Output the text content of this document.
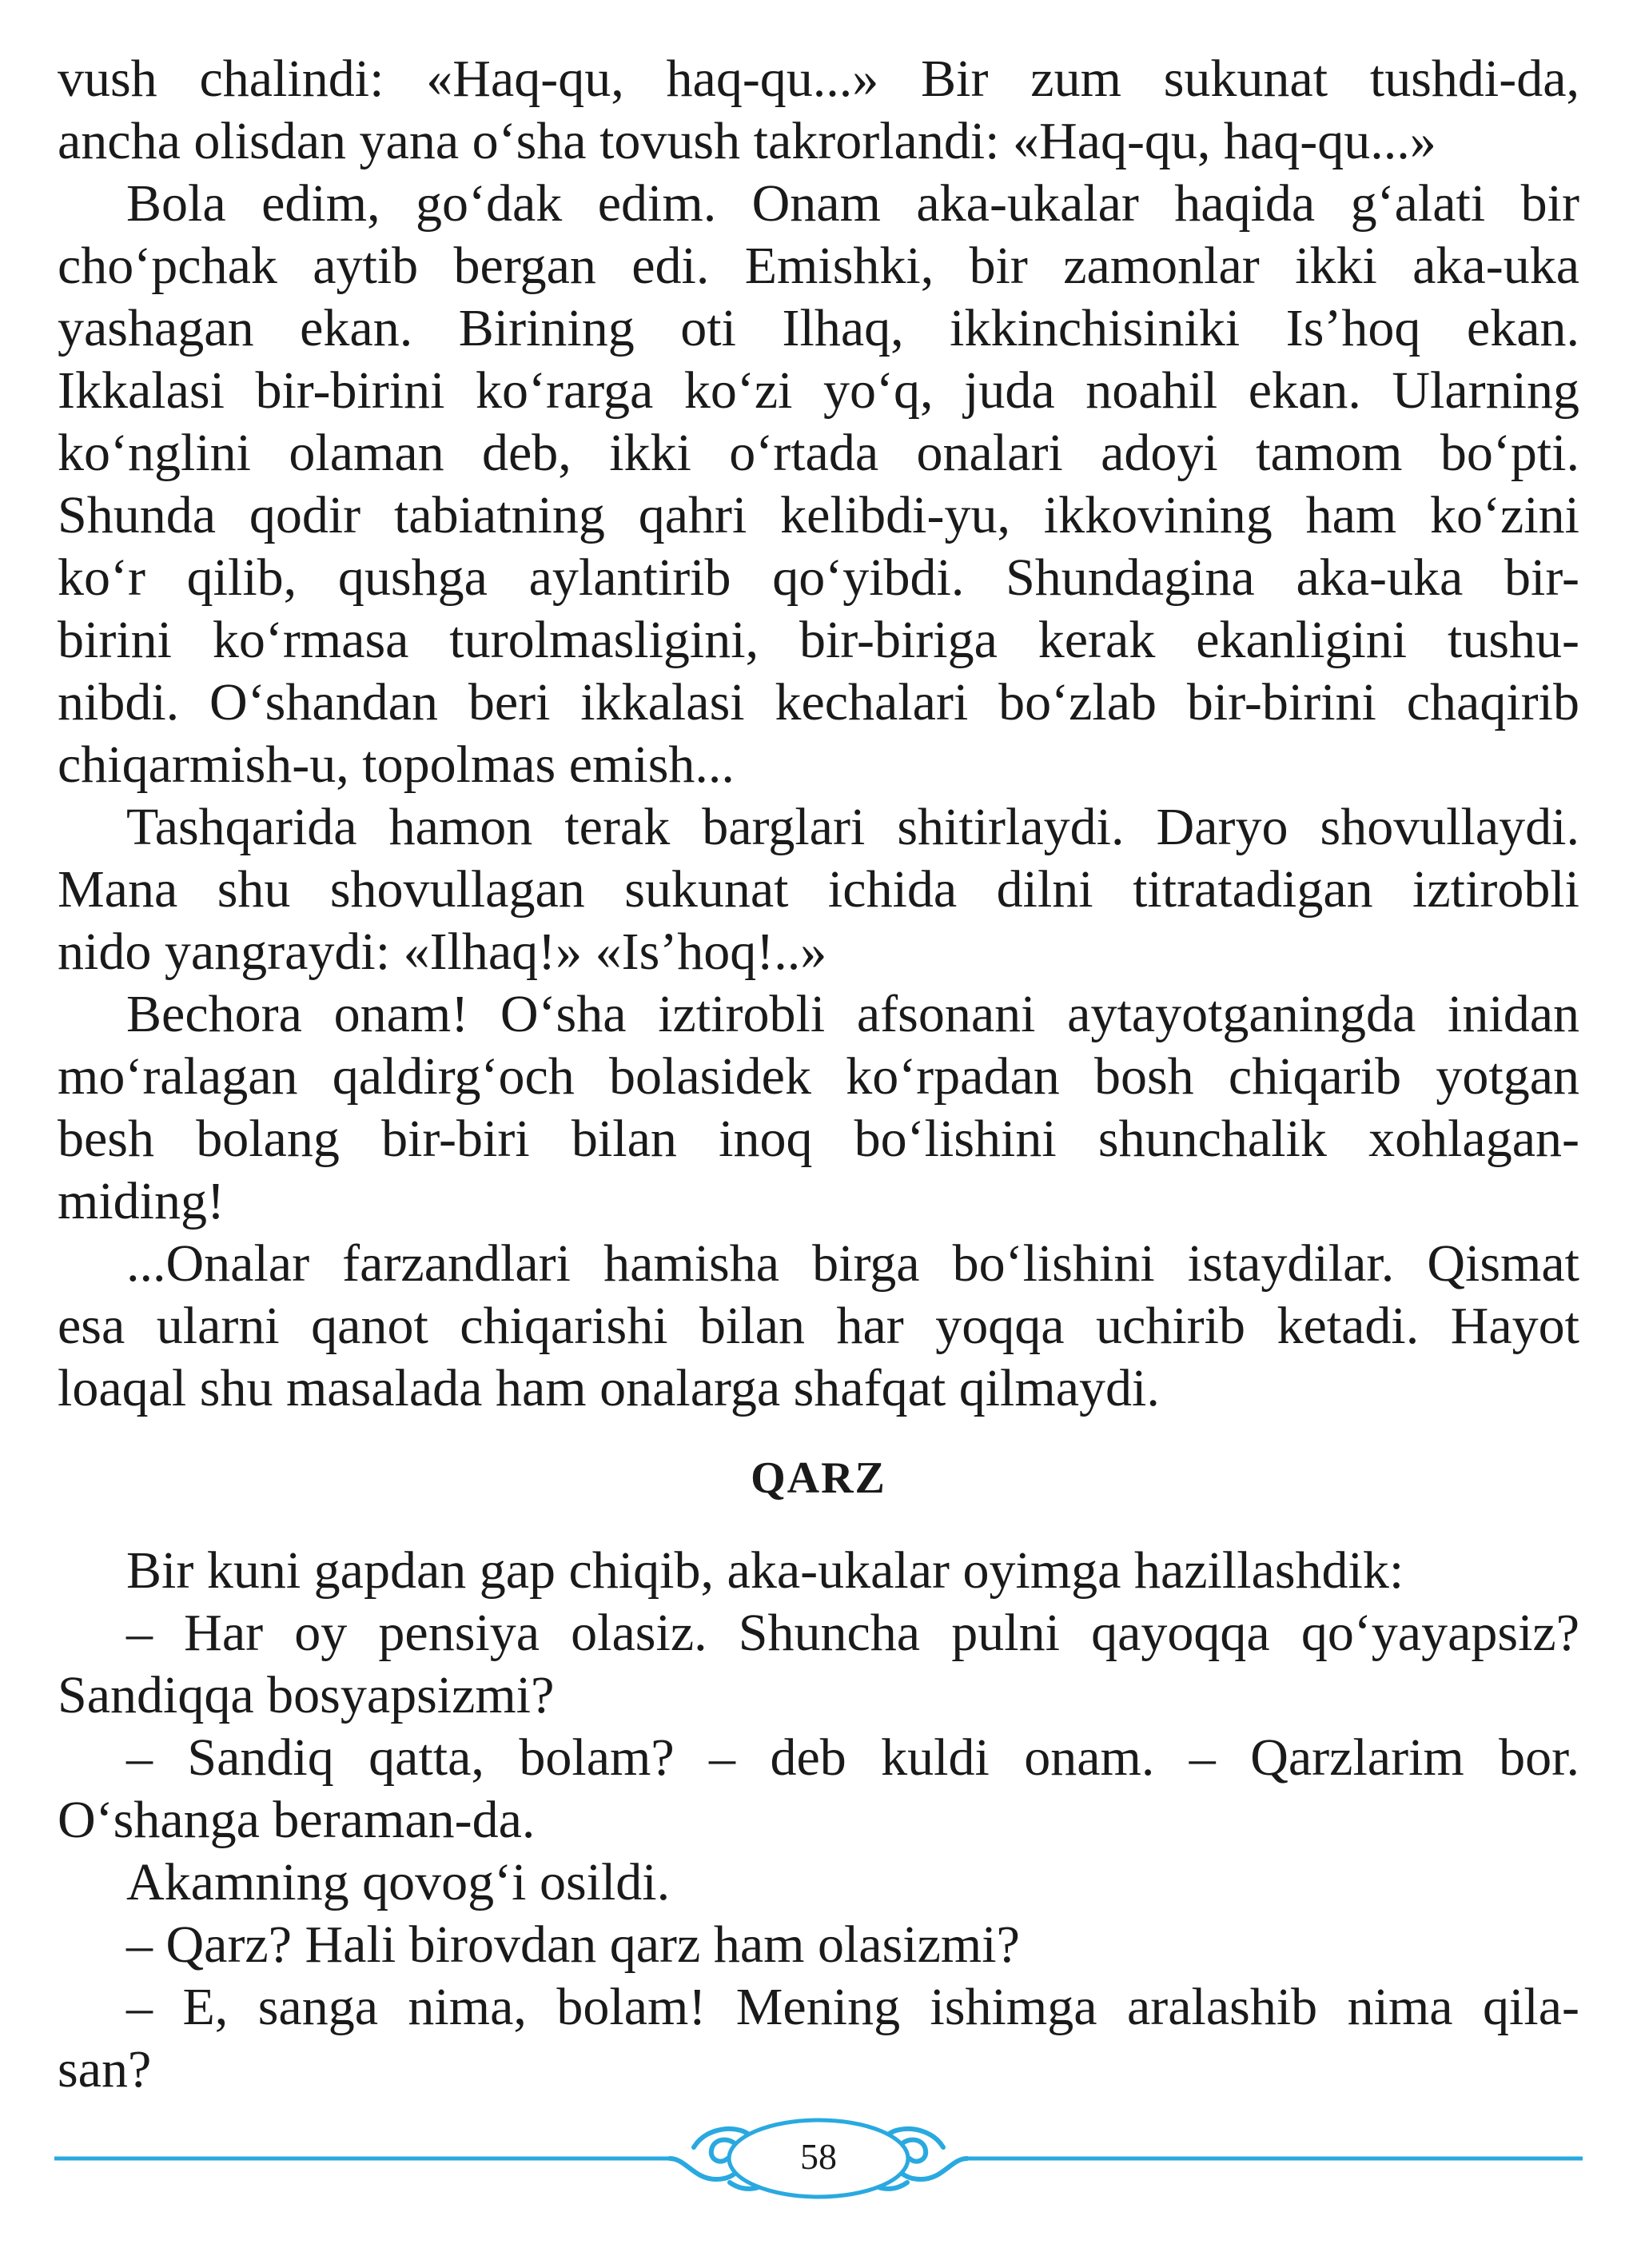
vush chalindi: «Haq-qu, haq-qu...» Bir zum sukunat tushdi-da,
ancha olisdan yana o‘sha tovush takrorlandi: «Haq-qu, haq-qu...»
Bola edim, go‘dak edim. Onam aka-ukalar haqida g‘alati bir
cho‘pchak aytib bergan edi. Emishki, bir zamonlar ikki aka-uka
yashagan ekan. Birining oti Ilhaq, ikkinchisiniki Is’hoq ekan.
Ikkalasi bir-birini ko‘rarga ko‘zi yo‘q, juda noahil ekan. Ularning
ko‘nglini olaman deb, ikki o‘rtada onalari adoyi tamom bo‘pti.
Shunda qodir tabiatning qahri kelibdi-yu, ikkovining ham ko‘zini
ko‘r qilib, qushga aylantirib qo‘yibdi. Shundagina aka-uka bir-
birini ko‘rmasa turolmasligini, bir-biriga kerak ekanligini tushu-
nibdi. O‘shandan beri ikkalasi kechalari bo‘zlab bir-birini chaqirib
chiqarmish-u, topolmas emish...
Tashqarida hamon terak barglari shitirlaydi. Daryo shovullaydi.
Mana shu shovullagan sukunat ichida dilni titratadigan iztirobli
nido yangraydi: «Ilhaq!» «Is’hoq!..»
Bechora onam! O‘sha iztirobli afsonani aytayotganingda inidan
mo‘ralagan qaldirg‘och bolasidek ko‘rpadan bosh chiqarib yotgan
besh bolang bir-biri bilan inoq bo‘lishini shunchalik xohlagan-
miding!
...Onalar farzandlari hamisha birga bo‘lishini istaydilar. Qismat
esa ularni qanot chiqarishi bilan har yoqqa uchirib ketadi. Hayot
loaqal shu masalada ham onalarga shafqat qilmaydi.
QARZ
Bir kuni gapdan gap chiqib, aka-ukalar oyimga hazillashdik:
– Har oy pensiya olasiz. Shuncha pulni qayoqqa qo‘yayapsiz?
Sandiqqa bosyapsizmi?
– Sandiq qatta, bolam? – deb kuldi onam. – Qarzlarim bor.
O‘shanga beraman-da.
Akamning qovog‘i osildi.
– Qarz? Hali birovdan qarz ham olasizmi?
– E, sanga nima, bolam! Mening ishimga aralashib nima qila-
san?
58
